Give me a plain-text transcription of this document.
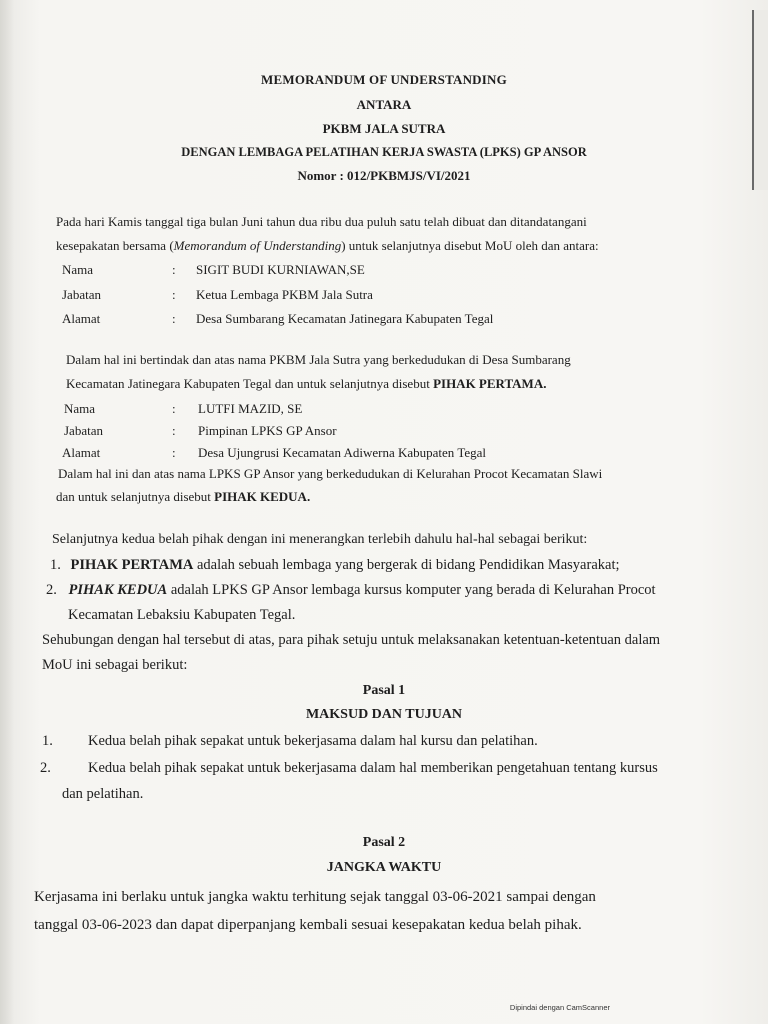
MEMORANDUM OF UNDERSTANDING
ANTARA
PKBM JALA SUTRA
DENGAN LEMBAGA PELATIHAN KERJA SWASTA (LPKS) GP ANSOR
Nomor : 012/PKBMJS/VI/2021
Pada hari Kamis tanggal tiga bulan Juni tahun dua ribu dua puluh satu telah dibuat dan ditandatangani
kesepakatan bersama (Memorandum of Understanding) untuk selanjutnya disebut MoU oleh dan antara:
Nama	: SIGIT BUDI KURNIAWAN,SE
Jabatan	: Ketua Lembaga PKBM Jala Sutra
Alamat	: Desa Sumbarang Kecamatan Jatinegara Kabupaten Tegal
Dalam hal ini bertindak dan atas nama PKBM Jala Sutra yang berkedudukan di Desa Sumbarang
Kecamatan Jatinegara Kabupaten Tegal dan untuk selanjutnya disebut PIHAK PERTAMA.
Nama	: LUTFI MAZID, SE
Jabatan	: Pimpinan LPKS GP Ansor
Alamat	: Desa Ujungrusi Kecamatan Adiwerna Kabupaten Tegal
Dalam hal ini dan atas nama LPKS GP Ansor yang berkedudukan di Kelurahan Procot Kecamatan Slawi
dan untuk selanjutnya disebut PIHAK KEDUA.
Selanjutnya kedua belah pihak dengan ini menerangkan terlebih dahulu hal-hal sebagai berikut:
1. PIHAK PERTAMA adalah sebuah lembaga yang bergerak di bidang Pendidikan Masyarakat;
2. PIHAK KEDUA adalah LPKS GP Ansor lembaga kursus komputer yang berada di Kelurahan Procot
Kecamatan Lebaksiu Kabupaten Tegal.
Sehubungan dengan hal tersebut di atas, para pihak setuju untuk melaksanakan ketentuan-ketentuan dalam
MoU ini sebagai berikut:
Pasal 1
MAKSUD DAN TUJUAN
1. Kedua belah pihak sepakat untuk bekerjasama dalam hal kursu dan pelatihan.
2.	Kedua belah pihak sepakat untuk bekerjasama dalam hal memberikan pengetahuan tentang kursus
dan pelatihan.
Pasal 2
JANGKA WAKTU
Kerjasama ini berlaku untuk jangka waktu terhitung sejak tanggal 03-06-2021 sampai dengan
tanggal 03-06-2023 dan dapat diperpanjang kembali sesuai kesepakatan kedua belah pihak.
Dipindai dengan CamScanner
